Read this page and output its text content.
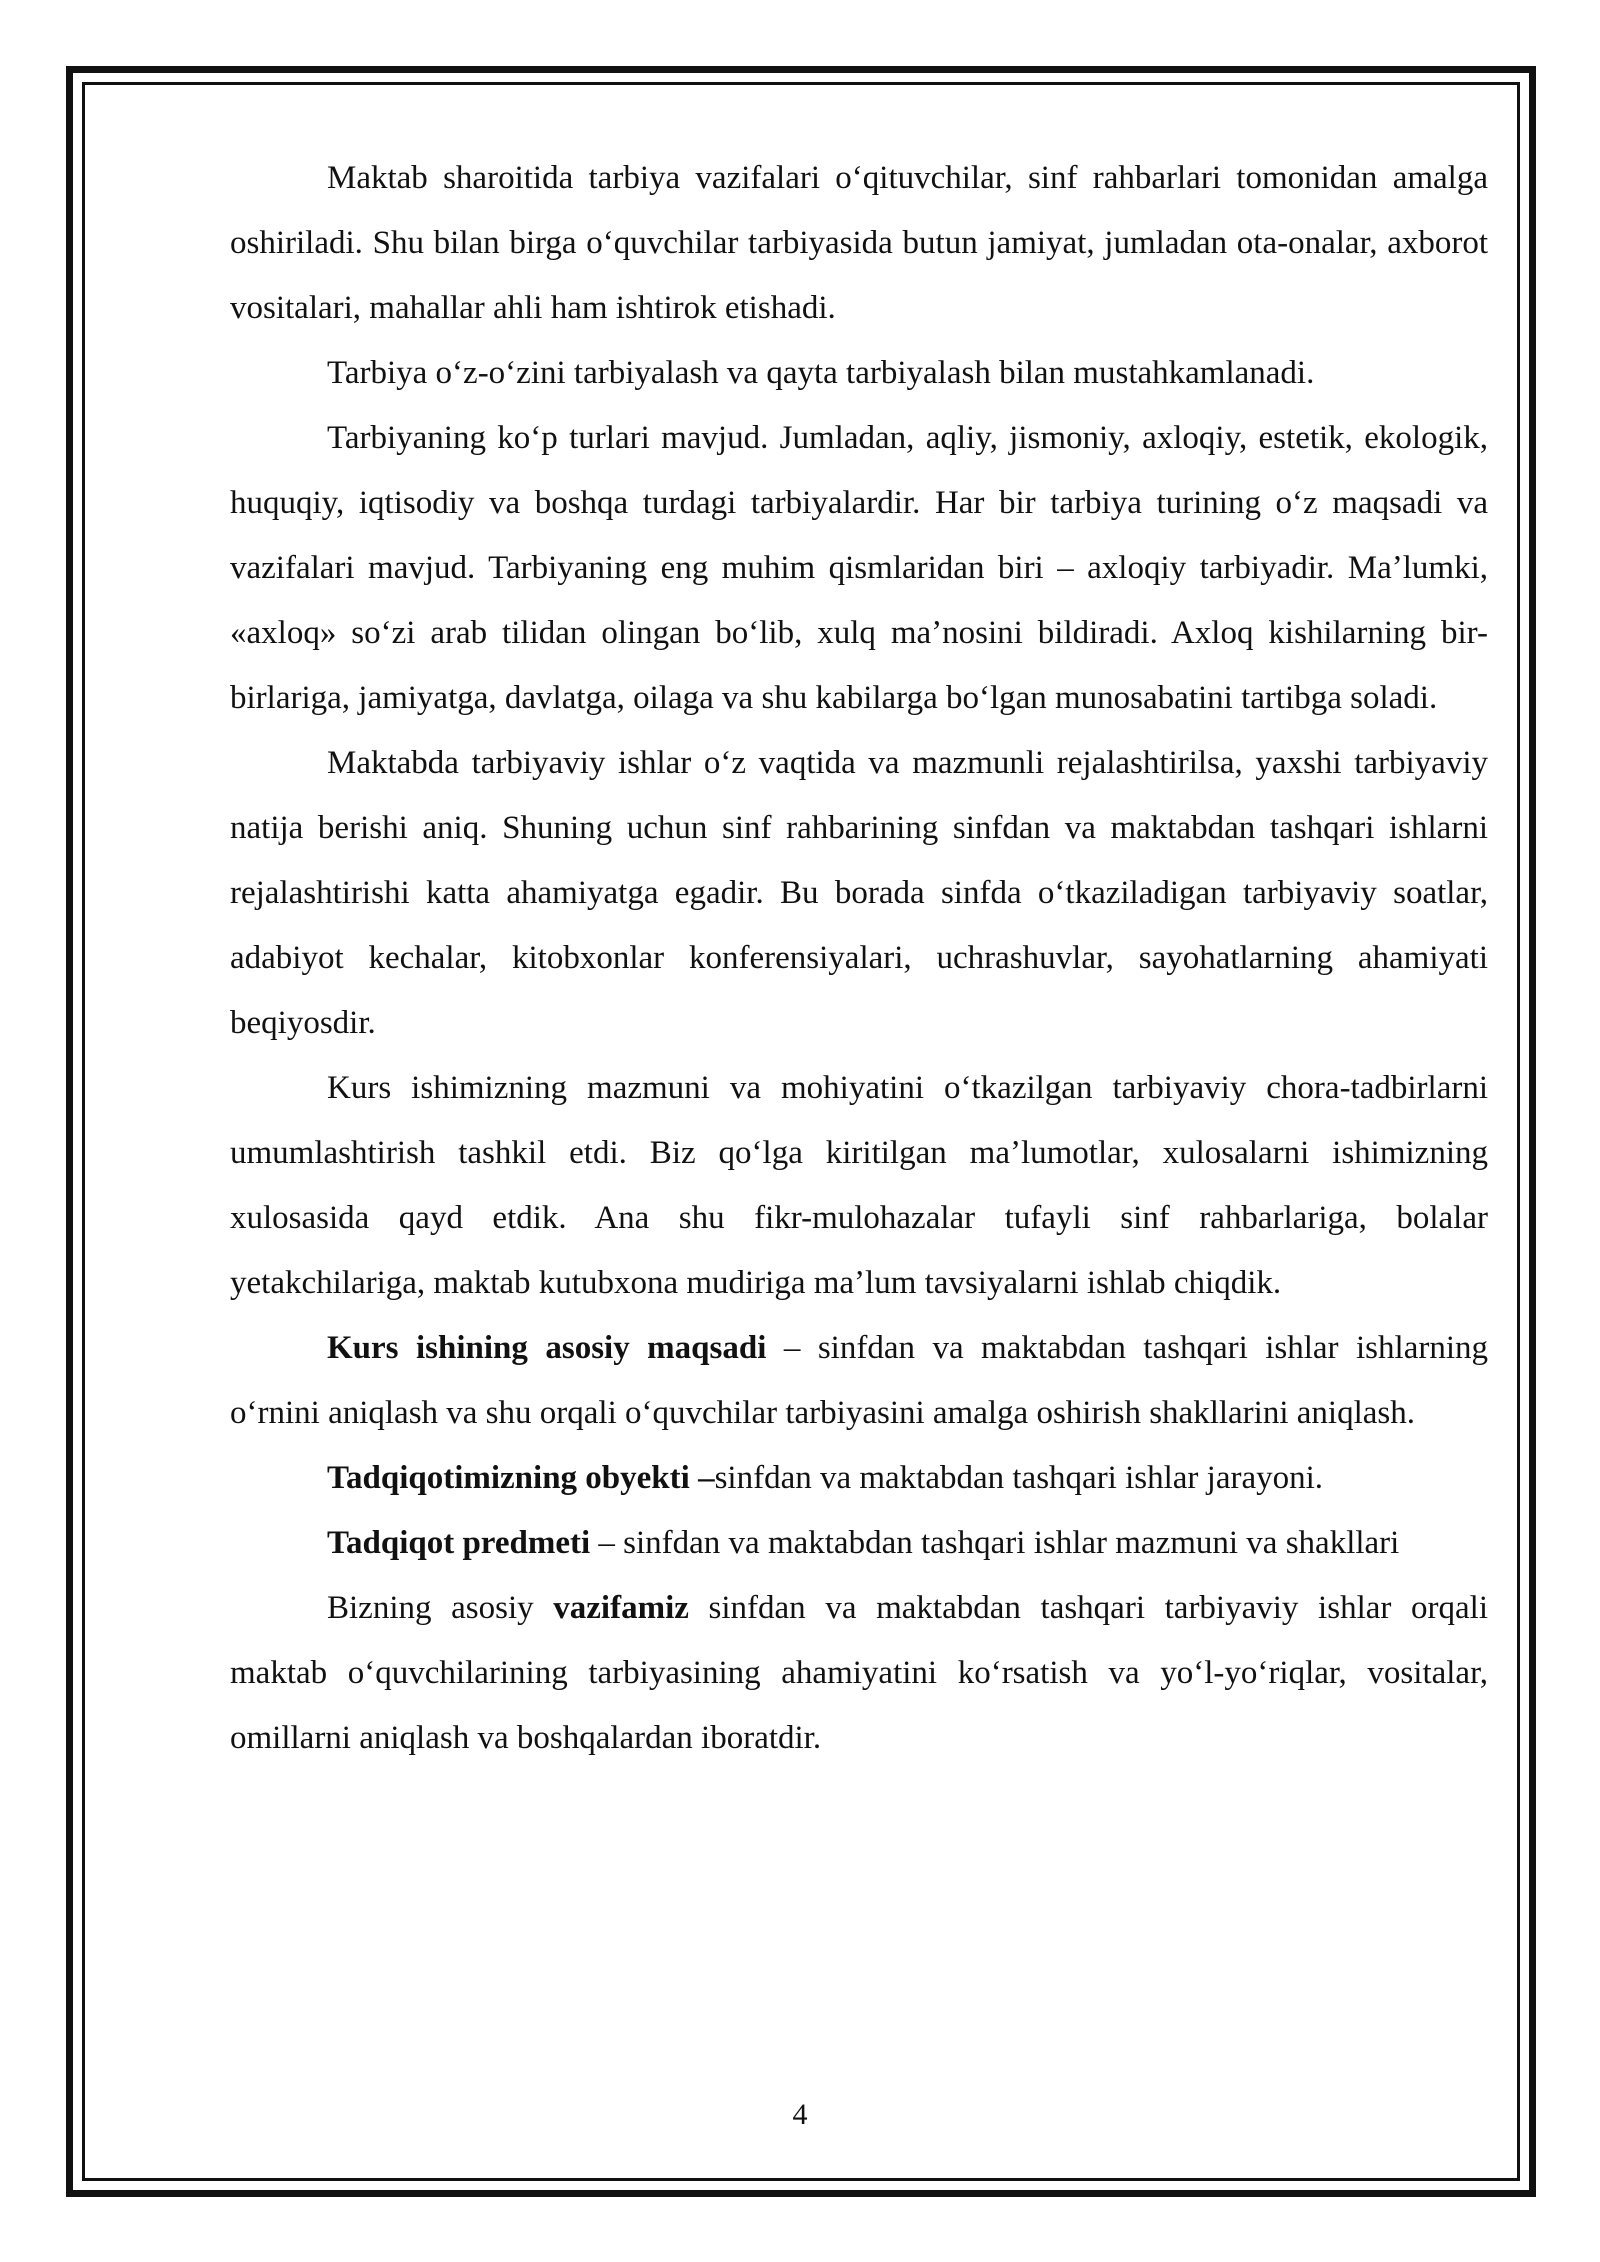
Maktab sharoitida tarbiya vazifalari oʻqituvchilar, sinf rahbarlari tomonidan amalga oshiriladi. Shu bilan birga oʻquvchilar tarbiyasida butun jamiyat, jumladan ota-onalar, axborot vositalari, mahallar ahli ham ishtirok etishadi.

Tarbiya oʻz-oʻzini tarbiyalash va qayta tarbiyalash bilan mustahkamlanadi.

Tarbiyaning koʻp turlari mavjud. Jumladan, aqliy, jismoniy, axloqiy, estetik, ekologik, huquqiy, iqtisodiy va boshqa turdagi tarbiyalardir. Har bir tarbiya turining oʻz maqsadi va vazifalari mavjud. Tarbiyaning eng muhim qismlaridan biri – axloqiy tarbiyadir. Maʼlumki, «axloq» soʻzi arab tilidan olingan boʻlib, xulq maʼnosini bildiradi. Axloq kishilarning bir-birlariga, jamiyatga, davlatga, oilaga va shu kabilarga boʻlgan munosabatini tartibga soladi.

Maktabda tarbiyaviy ishlar oʻz vaqtida va mazmunli rejalashtirilsa, yaxshi tarbiyaviy natija berishi aniq. Shuning uchun sinf rahbarining sinfdan va maktabdan tashqari ishlarni rejalashtirishi katta ahamiyatga egadir. Bu borada sinfda oʻtkaziladigan tarbiyaviy soatlar, adabiyot kechalar, kitobxonlar konferensiyalari, uchrashuvlar, sayohatlarning ahamiyati beqiyosdir.

Kurs ishimizning mazmuni va mohiyatini oʻtkazilgan tarbiyaviy chora-tadbirlarni umumlashtirish tashkil etdi. Biz qoʻlga kiritilgan maʼlumotlar, xulosalarni ishimizning xulosasida qayd etdik. Ana shu fikr-mulohazalar tufayli sinf rahbarlariga, bolalar yetakchilariga, maktab kutubxona mudiriga maʼlum tavsiyalarni ishlab chiqdik.

Kurs ishining asosiy maqsadi – sinfdan va maktabdan tashqari ishlar ishlarning oʻrnini aniqlash va shu orqali oʻquvchilar tarbiyasini amalga oshirish shakllarini aniqlash.

Tadqiqotimizning obyekti –sinfdan va maktabdan tashqari ishlar jarayoni.

Tadqiqot predmeti – sinfdan va maktabdan tashqari ishlar mazmuni va shakllari

Bizning asosiy vazifamiz sinfdan va maktabdan tashqari tarbiyaviy ishlar orqali maktab oʻquvchilarining tarbiyasining ahamiyatini koʻrsatish va yoʻl-yoʻriqlar, vositalar, omillarni aniqlash va boshqalardan iboratdir.

4
